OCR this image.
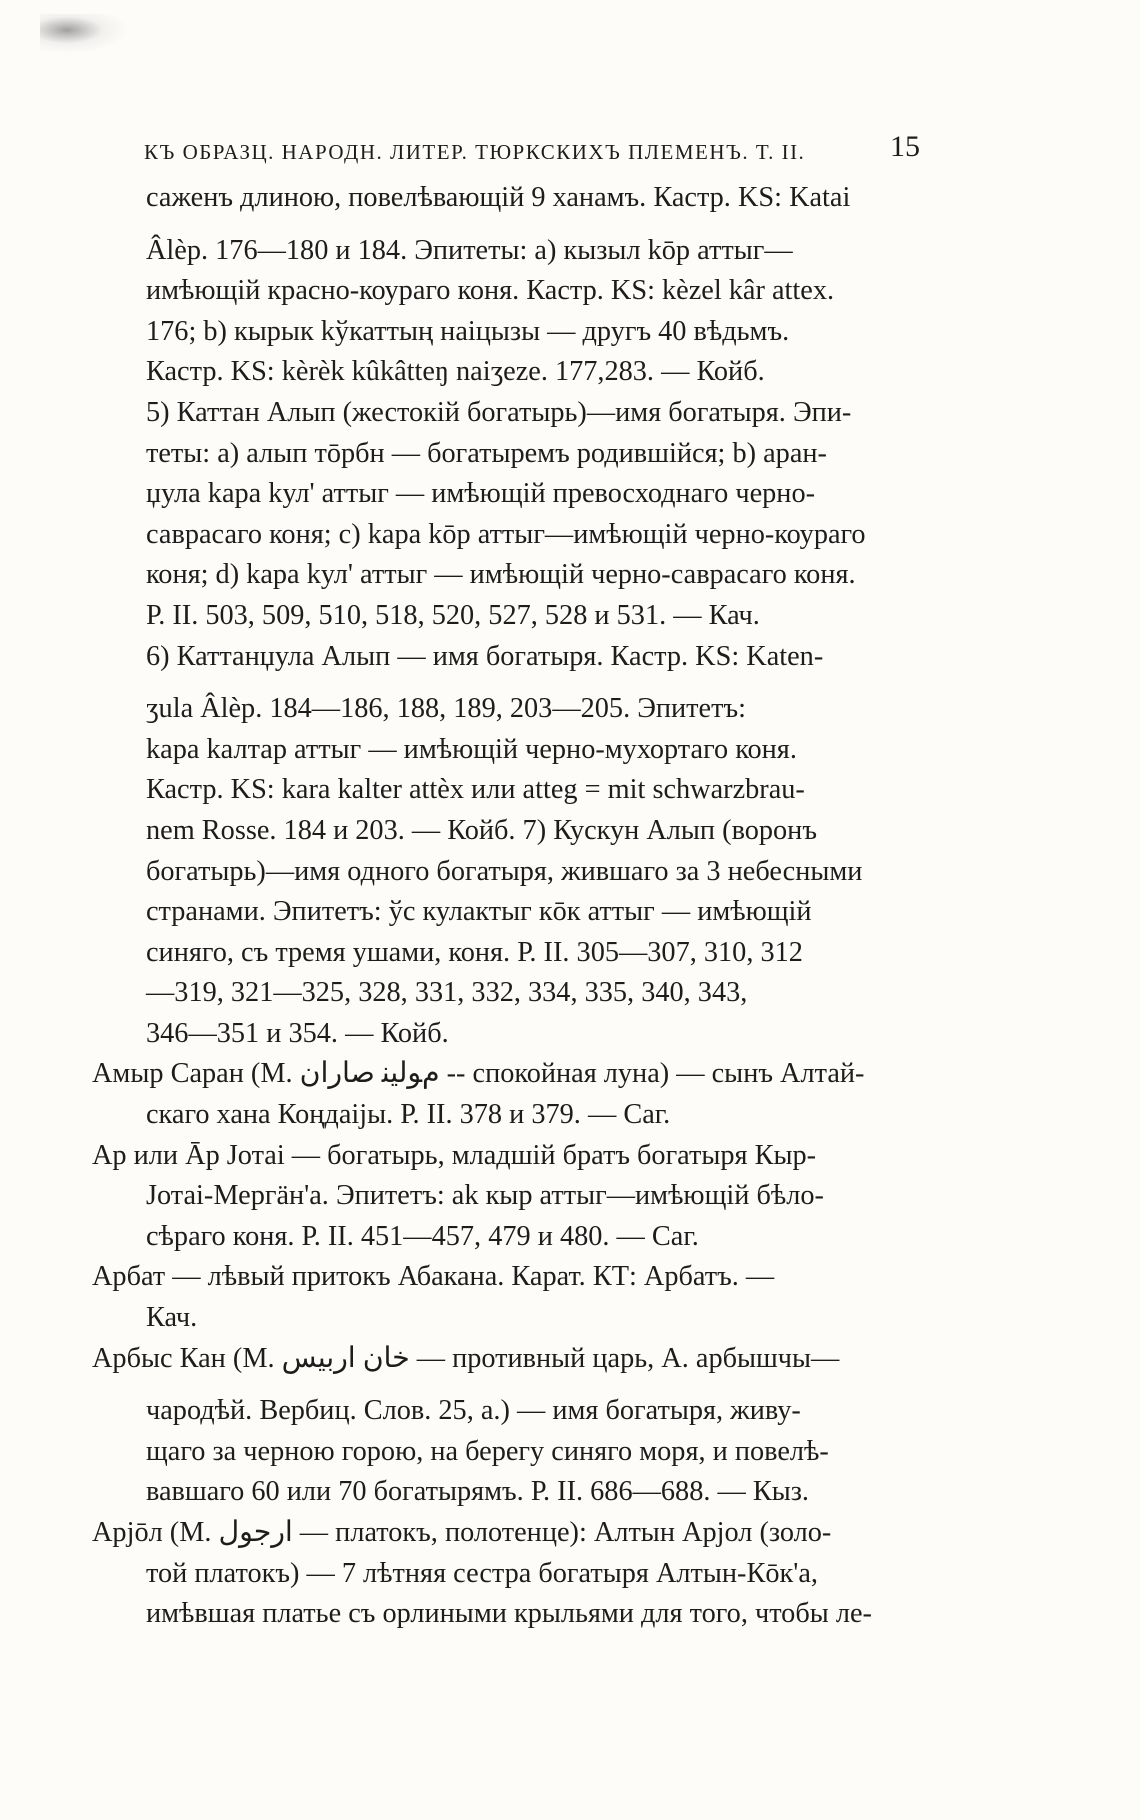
КЪ ОБРАЗЦ. НАРОДН. ЛИТЕР. ТЮРКСКИХЪ ПЛЕМЕНЪ. Т. II.	15
саженъ длиною, повелѣвающій 9 ханамъ. Кастр. KS: Kataі
Âlèр. 176—180 и 184. Эпитеты: а) кызыл kōр аттыг—
имѣющій красно-коураго коня. Кастр. KS: kèzel kâr attex.
176; b) кырык kўкаттың наіцызы — другъ 40 вѣдьмъ.
Кастр. KS: kèrèk kûkâtteŋ naiʒeze. 177,283. — Койб.
5) Каттан Алып (жестокій богатырь)—имя богатыря. Эпи-
теты: а) алып тōрбн — богатыремъ родившійся; b) аран-
џула kара kул' аттыг — имѣющій превосходнаго черно-
саврасаго коня; с) kара kōр аттыг—имѣющій черно-коураго
коня; d) kара kул' аттыг — имѣющій черно-саврасаго коня.
Р. II. 503, 509, 510, 518, 520, 527, 528 и 531. — Кач.
6) Каттанџула Алып — имя богатыря. Кастр. KS: Katen-
ʒula Âlèр. 184—186, 188, 189, 203—205. Эпитетъ:
kара kалтар аттыг — имѣющій черно-мухортаго коня.
Кастр. KS: kara kalter attèx или atteg = mit schwarzbrau-
nem Rosse. 184 и 203. — Койб. 7) Кускун Алып (воронъ
богатырь)—имя одного богатыря, жившаго за 3 небесными
странами. Эпитетъ: ўс кулактыг кōк аттыг — имѣющій
синяго, съ тремя ушами, коня. Р. II. 305—307, 310, 312
—319, 321—325, 328, 331, 332, 334, 335, 340, 343,
346—351 и 354. — Койб.
Амыр Саран (М. ﻡﻮﻟﻴﻨ ﺻﺎﺭﺍﻥ -- спокойная луна) — сынъ Алтай-
скаго хана Коңдаіјы. Р. II. 378 и 379. — Саг.
Ар или Āр Јотаі — богатырь, младшій братъ богатыря Кыр-
Јотаі-Мергӓн'а. Эпитетъ: аk кыр аттыг—имѣющій бѣло-
сѣраго коня. Р. II. 451—457, 479 и 480. — Саг.
Арбат — лѣвый притокъ Абакана. Карат. КТ: Арбатъ. —
Кач.
Арбыс Кан (М. ﺧﺎﻥ ﺍﺭﺑﻴﺲ — противный царь, А. арбышчы—
чародѣй. Вербиц. Слов. 25, а.) — имя богатыря, живу-
щаго за черною горою, на берегу синяго моря, и повелѣ-
вавшаго 60 или 70 богатырямъ. Р. II. 686—688. — Кыз.
Арјōл (М. ﺍﺭﺟﻮﻝ — платокъ, полотенце): Алтын Арјол (золо-
той платокъ) — 7 лѣтняя сестра богатыря Алтын-Кōк'а,
имѣвшая платье съ орлиными крыльями для того, чтобы ле-
